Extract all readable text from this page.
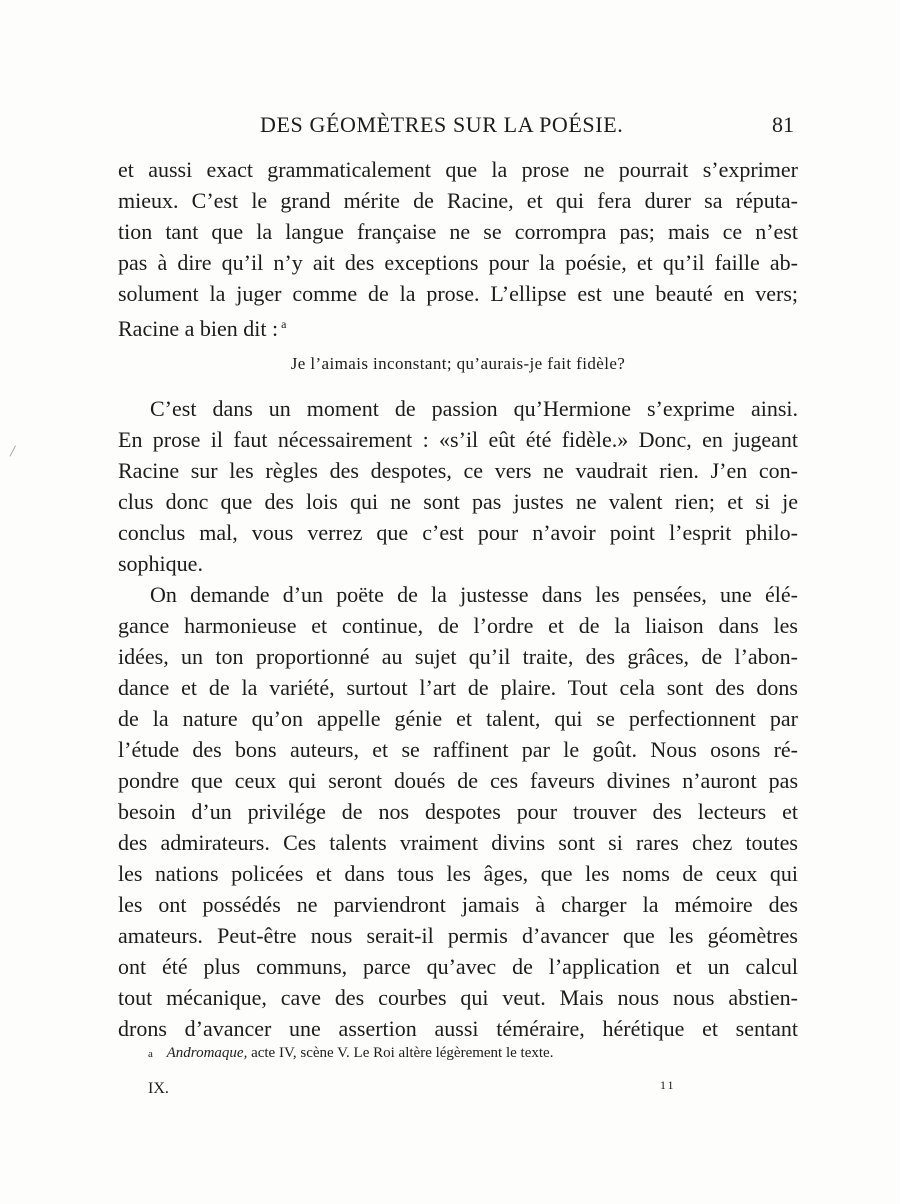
DES GÉOMÈTRES SUR LA POÉSIE.	81
et aussi exact grammaticalement que la prose ne pourrait s’exprimer
mieux. C’est le grand mérite de Racine, et qui fera durer sa réputa-
tion tant que la langue française ne se corrompra pas; mais ce n’est
pas à dire qu’il n’y ait des exceptions pour la poésie, et qu’il faille ab-
solument la juger comme de la prose. L’ellipse est une beauté en vers;
Racine a bien dit : $^a$
Je l’aimais inconstant; qu’aurais-je fait fidèle?
C’est dans un moment de passion qu’Hermione s’exprime ainsi.
En prose il faut nécessairement : «s’il eût été fidèle.» Donc, en jugeant
Racine sur les règles des despotes, ce vers ne vaudrait rien. J’en con-
clus donc que des lois qui ne sont pas justes ne valent rien; et si je
conclus mal, vous verrez que c’est pour n’avoir point l’esprit philo-
sophique.
On demande d’un poëte de la justesse dans les pensées, une élé-
gance harmonieuse et continue, de l’ordre et de la liaison dans les
idées, un ton proportionné au sujet qu’il traite, des grâces, de l’abon-
dance et de la variété, surtout l’art de plaire. Tout cela sont des dons
de la nature qu’on appelle génie et talent, qui se perfectionnent par
l’étude des bons auteurs, et se raffinent par le goût. Nous osons ré-
pondre que ceux qui seront doués de ces faveurs divines n’auront pas
besoin d’un privilége de nos despotes pour trouver des lecteurs et
des admirateurs. Ces talents vraiment divins sont si rares chez toutes
les nations policées et dans tous les âges, que les noms de ceux qui
les ont possédés ne parviendront jamais à charger la mémoire des
amateurs. Peut-être nous serait-il permis d’avancer que les géomètres
ont été plus communs, parce qu’avec de l’application et un calcul
tout mécanique, cave des courbes qui veut. Mais nous nous abstien-
drons d’avancer une assertion aussi téméraire, hérétique et sentant
a Andromaque, acte IV, scène V. Le Roi altère légèrement le texte.
IX.	11
